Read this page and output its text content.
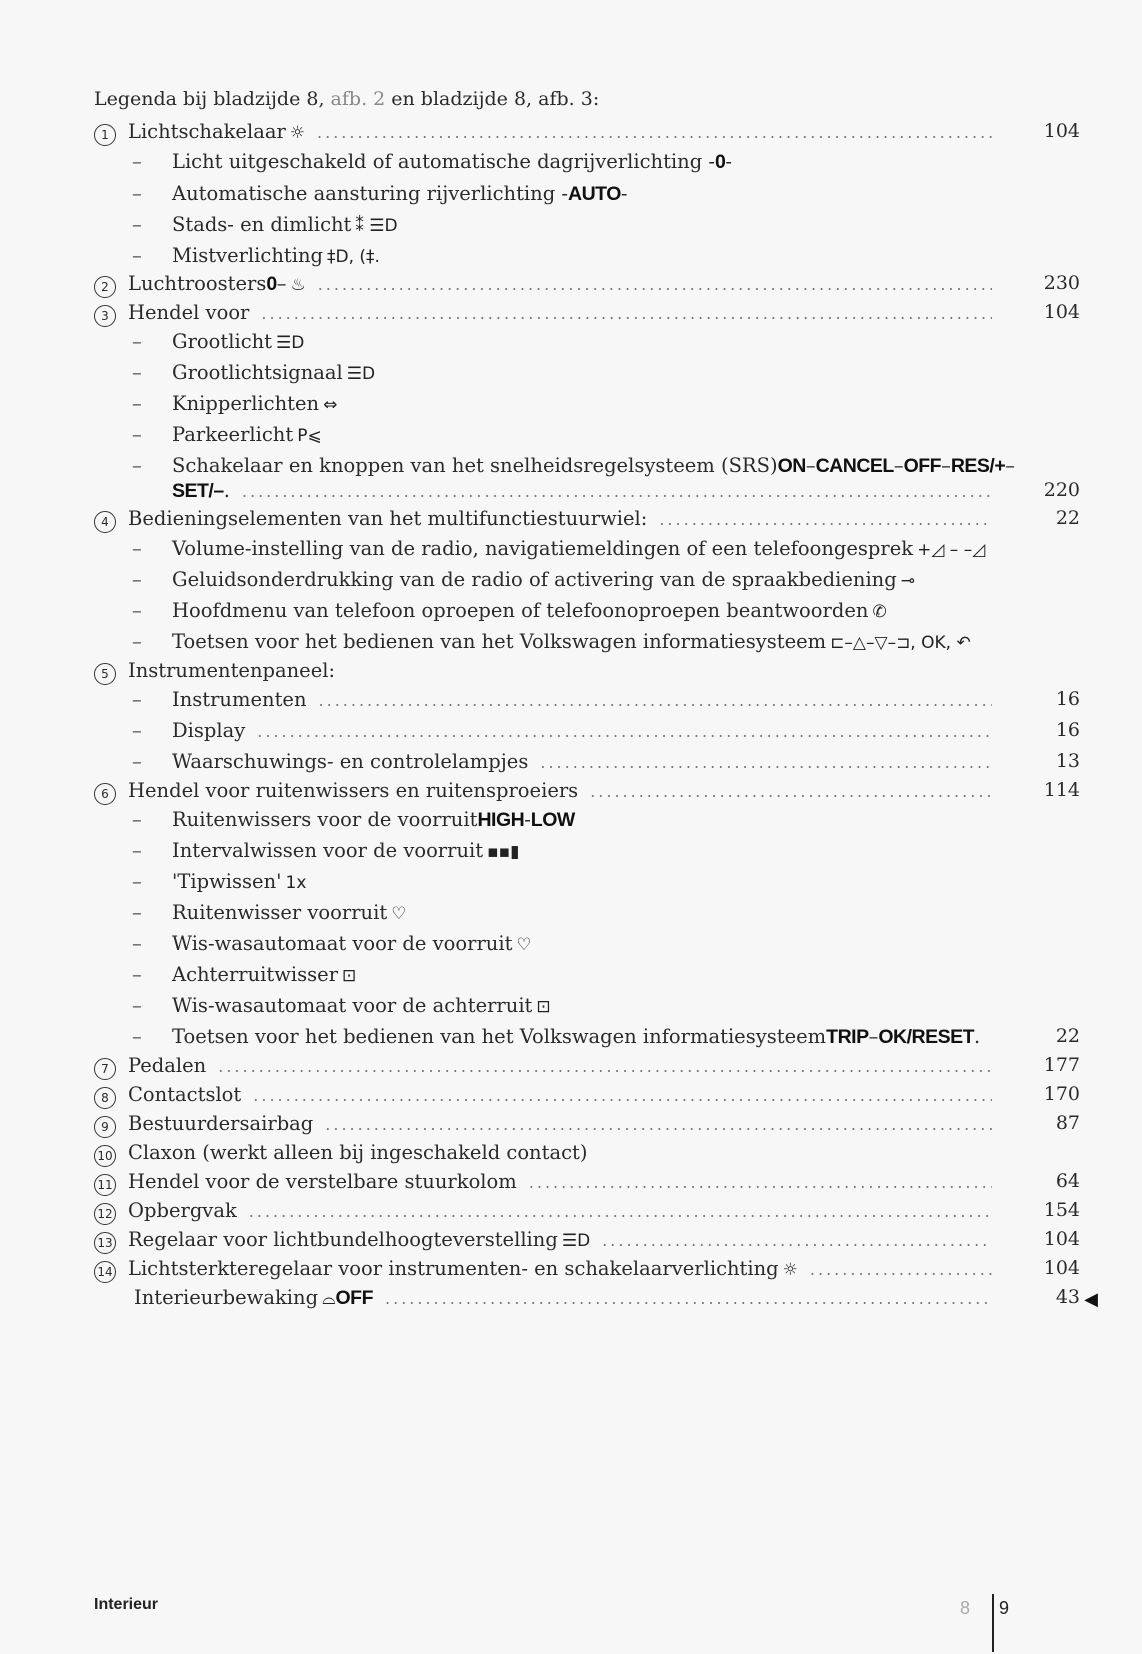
Legenda bij bladzijde 8, afb. 2 en bladzijde 8, afb. 3:
1 Lichtschakelaar ☼ .....	104
–	Licht uitgeschakeld of automatische dagrijverlichting - 0 -
–	Automatische aansturing rijverlichting - AUTO -
–	Stads- en dimlicht ⁑ ☰D
–	Mistverlichting ‡D, (‡.
2 Luchtroosters 0 – ♨ .....	230
3 Hendel voor .....	104
–	Grootlicht ☰D
–	Grootlichtsignaal ☰D
–	Knipperlichten ⇔
–	Parkeerlicht P⩽
–	Schakelaar en knoppen van het snelheidsregelsysteem (SRS) ON – CANCEL – OFF – RES/+ –
SET/– . .....	220
4 Bedieningselementen van het multifunctiestuurwiel: .....	22
–	Volume-instelling van de radio, navigatiemeldingen of een telefoongesprek +◿ – –◿
–	Geluidsonderdrukking van de radio of activering van de spraakbediening ⊸
–	Hoofdmenu van telefoon oproepen of telefoonoproepen beantwoorden ✆
–	Toetsen voor het bedienen van het Volkswagen informatiesysteem ⊏–△–▽–⊐, OK, ↶
5 Instrumentenpaneel:
–	Instrumenten .....	16
–	Display .....	16
–	Waarschuwings- en controlelampjes .....	13
6 Hendel voor ruitenwissers en ruitensproeiers .....	114
–	Ruitenwissers voor de voorruit HIGH - LOW
–	Intervalwissen voor de voorruit ▪▪▮
–	'Tipwissen' 1x
–	Ruitenwisser voorruit ♡
–	Wis-wasautomaat voor de voorruit ♡
–	Achterruitwisser ⊡
–	Wis-wasautomaat voor de achterruit ⊡
–	Toetsen voor het bedienen van het Volkswagen informatiesysteem TRIP – OK/RESET .	22
7 Pedalen .....	177
8 Contactslot .....	170
9 Bestuurdersairbag .....	87
10 Claxon (werkt alleen bij ingeschakeld contact)
11 Hendel voor de verstelbare stuurkolom .....	64
12 Opbergvak .....	154
13 Regelaar voor lichtbundelhoogteverstelling ☰D .....	104
14 Lichtsterkteregelaar voor instrumenten- en schakelaarverlichting ☼ .....	104
Interieurbewaking ⌓ OFF .....	43 ◀
Interieur	8 9
